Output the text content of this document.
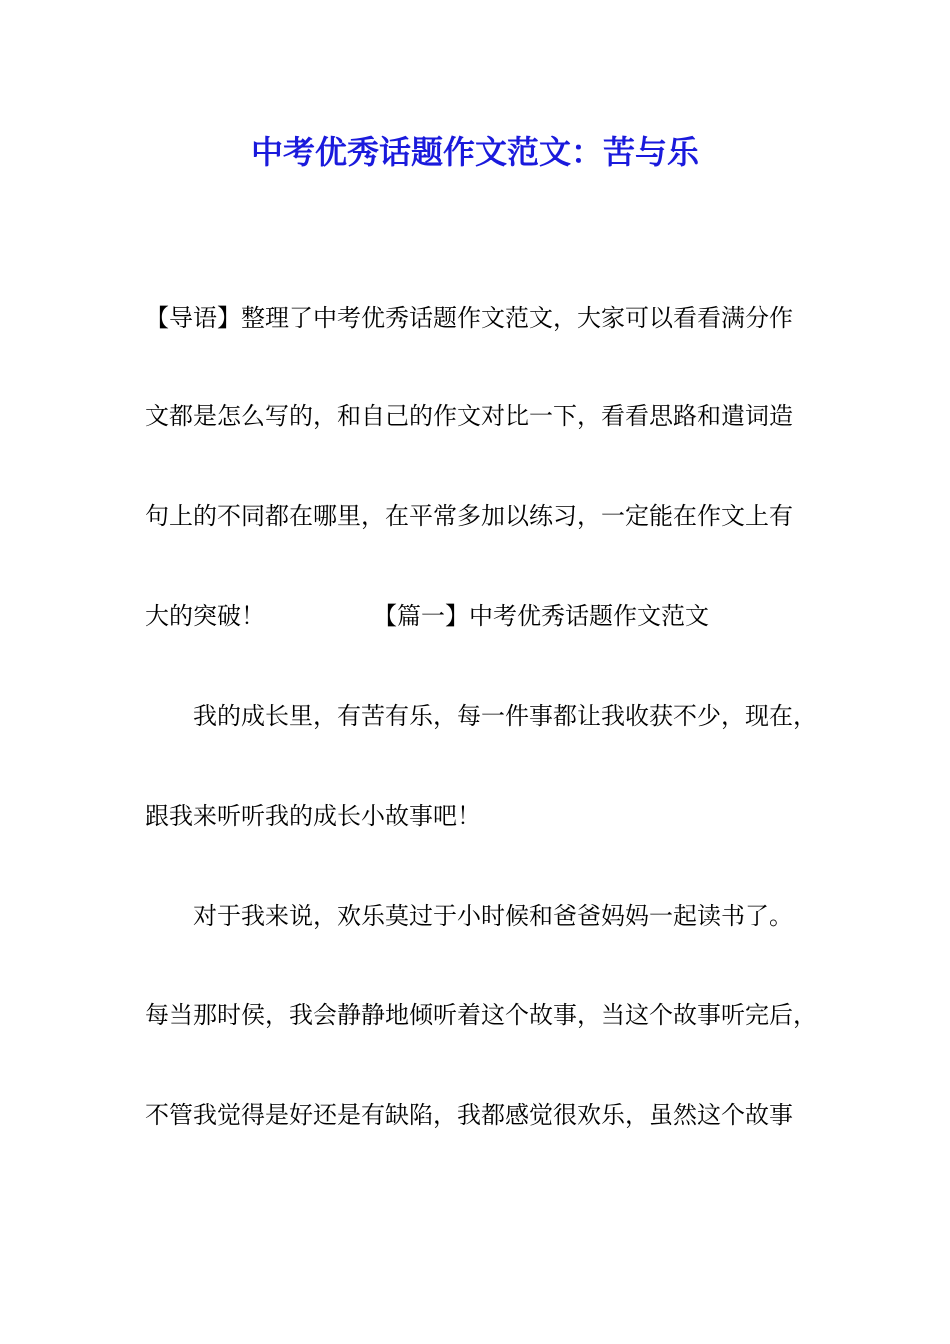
中考优秀话题作文范文：苦与乐

【导语】整理了中考优秀话题作文范文，大家可以看看满分作

文都是怎么写的，和自己的作文对比一下，看看思路和遣词造

句上的不同都在哪里，在平常多加以练习，一定能在作文上有

大的突破！	【篇一】中考优秀话题作文范文

我的成长里，有苦有乐，每一件事都让我收获不少，现在，

跟我来听听我的成长小故事吧！

对于我来说，欢乐莫过于小时候和爸爸妈妈一起读书了。

每当那时侯，我会静静地倾听着这个故事，当这个故事听完后，

不管我觉得是好还是有缺陷，我都感觉很欢乐，虽然这个故事
